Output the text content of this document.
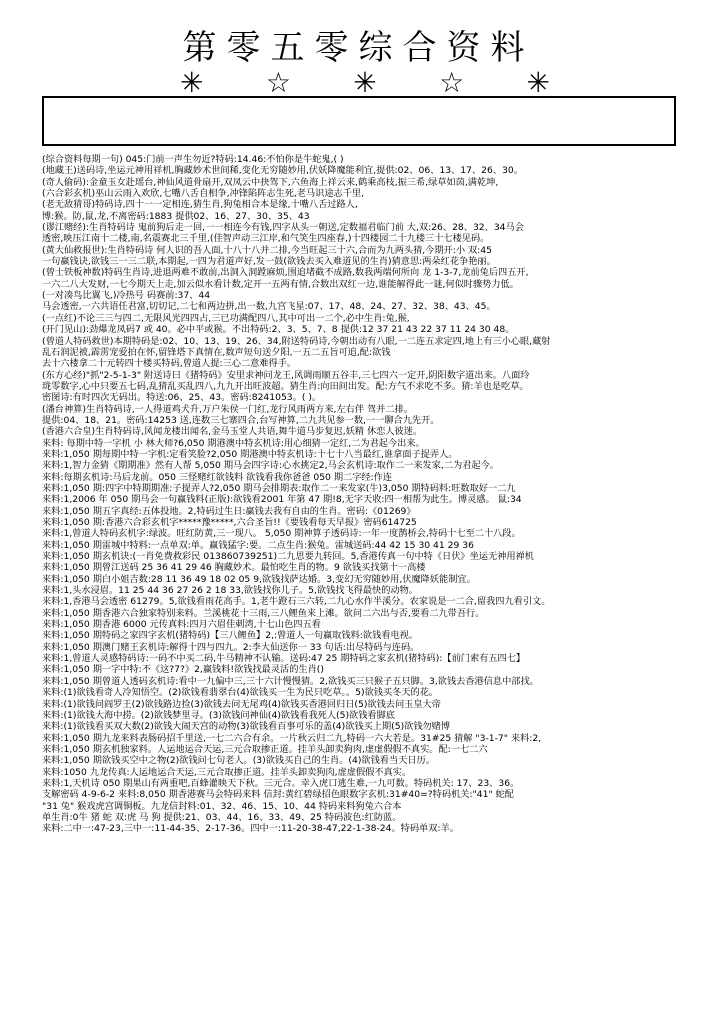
第零五零综合资料
✳ ☆ ✳ ☆ ✳
(综合资料每期一句) 045:门前一声生勿近?特码:14.46:不怕你是牛蛇鬼,( )
(地藏王)送码诗,坐运元神用祥机,胸藏妙术世间稀,变化无穷随妙用,伏妖降魔能利宜,提供:02、06、13、17、26、30。
(奇人偷码):金童玉女赴瑶台,神仙风道骨扇开,双凤云中抉驾下,六鱼海上祥云来,鹤乘高枝,振三希,绿草如茵,满乾坤,
(六合彩玄机)巫山云雨入欢欣,七嘴八舌自相争,冲锋陷阵志生死,老马识途志千里,
(老无敌猜哥)特码诗,四十一一定相连,猜生肖,狗兔相合本是缘,十嘴八舌过路人,
博:猴。防,鼠,龙,不离密码:1883 提供02、16、27、30、35、43
(谬江赌经):生肖特码诗 鬼前狗后走一回,一一相连今有钱,四字从头一朝送,定数福君临门前 大,双:26、28、32、34马会
透密,映压江南十二楼,南,名震赛北三千里,(佳智声动三江岸,和气笑生四座春,)十四楼园二十九楼三十七楼见码。
(黄大仙救报世):生肖特码诗 何人识的吾人面,十八十八并二排,今当旺起三十六,合而为九两头猜,今期开:小 双:45
一句赢钱诀,欲钱三一三二联,本期起,一四为君道声好,发一鼓(欲钱去买入难道见的生肖)猜意思:两朵红花争艳丽。
(曾士铁板神数)特码生肖诗,进退两难不敢前,出洞入洞蹚麻烦,围追堵截不成路,数我两端何所向 龙 1-3-7,龙前兔后四五开,
一六二八大发财,一七今期天上走,加云似水看计数,定开一五两有情,合数出双红一边,谁能解得此一谜,何似时骤势力低。
(一对凑鸟比翼飞,)冷热号 码赛前:37、44
马会透密,一六共语任君富,切切记,二七和两边拼,出一数,九宫飞星:07、17、48、24、27、32、38、43、45。
(一点红)不论三三与四二,无限风光四四占,三已功满配四八,其中可出一二个,必中生肖:兔,猴,
(开门见山):劲爆龙凤码7 或 40。必中平或猴。不出特码:2、3、5、7、8 提供:12 37 21 43 22 37 11 24 30 48。
(曾道人特码救世)本期特码是:02、10、13、19、26、34,附送特码诗,今朝出动有八眼,一二连五求定四,地上有三小心眼,藏射
乱石润泥被,霹雳宠爱拍在怀,留锋塔下真情在,数声短句送夕阳,一五二五旨可追,配:欲钱
去十六楼拿二十元转四十楼买特码,曾道人提:三心二意难得手。
(东方心经)"抓"2-5-1-3" 附送诗曰《猪特码》安里求神问龙王,风调雨顺五谷丰,三七四六一定开,阴阳数字道出来。八面玲
珑零数字,心中只要五七码,乱猜乱买乱四八,九九开出旺波超。猜生肖:向田间出发。配:方气不求吃不多。猜:羊也是吃草。
密图诗:有时四次无码出。特送:06、25、43。密码:8241053。( )。
(潘台神算)生肖特码诗,一人得道鸡犬升,万户朱侯一门红,龙行风雨两方来,左右伴 驾并二排。
提供:04、18、21。密码:14253 送,连数三七寨四合,台写神算,二九共见参一数,一一聊合九先开。
(香港六合皇)生肖特码诗,风闻龙楼出闻名,金马玉堂人共语,舞牛道马步复迟,妖精 休恋人彼迷。
来料: 每期中特一字机 小 林大师?6,050 期港澳中特玄机诗:用心细猜一定红,二为君起今出来。
来料:1,050 期每期中特一字机:定看笑脸?2,050 期港澳中特玄机诗:十七十八当最红,谁拿面子捉弄人。
来料:1,智力金猜《期期准》然有人帮 5,050 期马会四字诗:心水挑定2,马会玄机诗:取作二一来发家,二为君起今。
来料:每期玄机诗:马后龙前。050 三怪赌红欲钱料 欲钱看我你爸爸 050 期二字经:作连
来料:1,050 期:四字中特期期准:子提弄人?2,050 期马会排期表:取作二一来发家(牛)3,050 期特码料:旺数取好一二九
来料:1,2006 年 050 期马会一句赢钱料(正版):欲钱看2001 年第 47 期!8,无字天收:四一相帮为此生。博灵感。 鼠:34
来料:1,050 期五字真经:五体投地。2,特码过生日:赢钱去我有自由的生肖。密码:《01269》
来料:1,050 期:香港六合彩玄机字*****豫*****,六合圣旨!!《要钱看每天早报》密码614725
来料:1,曾道人特码玄机字:绿波。旺红防黄,三一现八。 5,050 期神算子透码诗:一年一度鹊桥会,特码十七至二十八段。
来料:1,050 期雷城中特料:一点单双:单。赢钱猛字:要。二点生肖:猴兔。雷城送码:44 42 15 30 41 29 36
来料:1,050 期玄机诀:(一肖免费救彩民 013860739251)二九思要九转回。5,香港传真一句中特《日伏》坐运无神用禅机
来料:1,050 期曾江送码 25 36 41 29 46 胸藏妙术。最怕吃生肖的物。9 欲钱买找第十一高楼
来料:1,050 期白小姐吉数:28 11 36 49 18 02 05 9,欲钱找萨达婚。3,变幻无穷随妙用,伏魔降妖能制宜。
来料:1,头水浸眉。11 25 44 36 27 26 2 18 33,欲钱找你儿子。5,欲钱找飞得最快的动物。
来料:1,香港马会透密 61279。5,欲钱看雨花高手。1,老牛蹬石三六转,二九心水作半溪分。农家说是一二合,留我四九看引文。
来料:1,050 期香港六合独家特别来料。兰溪桃花十三雨,三八鲤鱼来上滩。欲问二六出与否,要看二九带吾行。
来料:1,050 期香港 6000 元传真料:四月六眉佳刺湾,十七山色四五看
来料:1,050 期特码之家四字玄机(猪特码)【三八鲤鱼】2,:曾道人一句赢取钱料:欲钱看电视。
来料:1,050 期澳门赌王玄机诗:解得十四与四九。2:李大仙送你一 33 句话:出尽特码与连码。
来料:1,曾道人灵感特码诗:一码不中买二码,牛马精神不认输。送码:47 25 期特码之家玄机(猪特码):【前门索有五四七】
来料:1,050 期一字中特:不《这?7?》2,赢钱料!欲钱找最灵活的生肖()
来料:1,050 期曾道人透码玄机诗:看中一九偏中三,三十六计慢慢猜。2,欲钱买三只猴子五只脚。3,欲钱去香港信息中部找。
来料:(1)欲钱看奇人冷知悟空。(2)欲钱看翡翠台(4)欲钱买一生为民只吃草。。5)欲钱买冬天的花。
来料:(1)欲钱问阎罗王(2)欲钱路边捡(3)欲钱去问无尾鸡(4)欲钱买香港回归日(5)欲钱去问玉皇大帝
来料:(1)欲钱大海中捞。(2)欲钱梦里寻。(3)欲钱问神仙(4)欲钱看我死人(5)欲钱看脚底
来料:(1)欲钱看买双大数(2)欲钱大闹天宫的动物(3)欲钱看百事可乐的盖(4)欲钱买上期(5)欲钱勿赌博
来料:1,050 期九龙来料表肠码招千里送,一七二六合有余。一片秋云归二九,特码一六大若是。31#25 猜解 "3-1-7" 来料:2,
来料:1,050 期玄机独家料。人运地运合天运,三元合取掺正道。挂羊头卸卖狗肉,虚虚假假不真实。配:一七二六
来料:1,050 期欲钱买空中之物(2)欲钱问七句老人。(3)欲钱买自己的生肖。(4)欲钱看当天日历。
来料:1050 九龙传真:人运地运合天运,三元合取掺正道。挂羊头卸卖狗肉,虚虚假假不真实。
来料:1,天机诗 050 期果山有两重吧,百蜂灌映天下秋。三元合。幸入虎口逃生难,一九可数。特码机关: 17、23、36。
支解密码 4-9-6-2 来料:8,050 期香港赛马会特码来料 信封:黄红碧绿招色眼数字玄机:31#40=?特码机关:"41" 蛇配
"31 兔" 猴戏虎宫调铜板。九龙信封料:01、32、46、15、10、44 特码来料狗兔六合本
单生肖:0牛 猪 蛇 双:虎 马 狗 提供:21、03、44、16、33、49、25 特码波色:红防蓝。
来料:二中一:47-23,三中一:11-44-35、2-17-36。四中一:11-20-38-47,22-1-38-24。特码单双:羊。
